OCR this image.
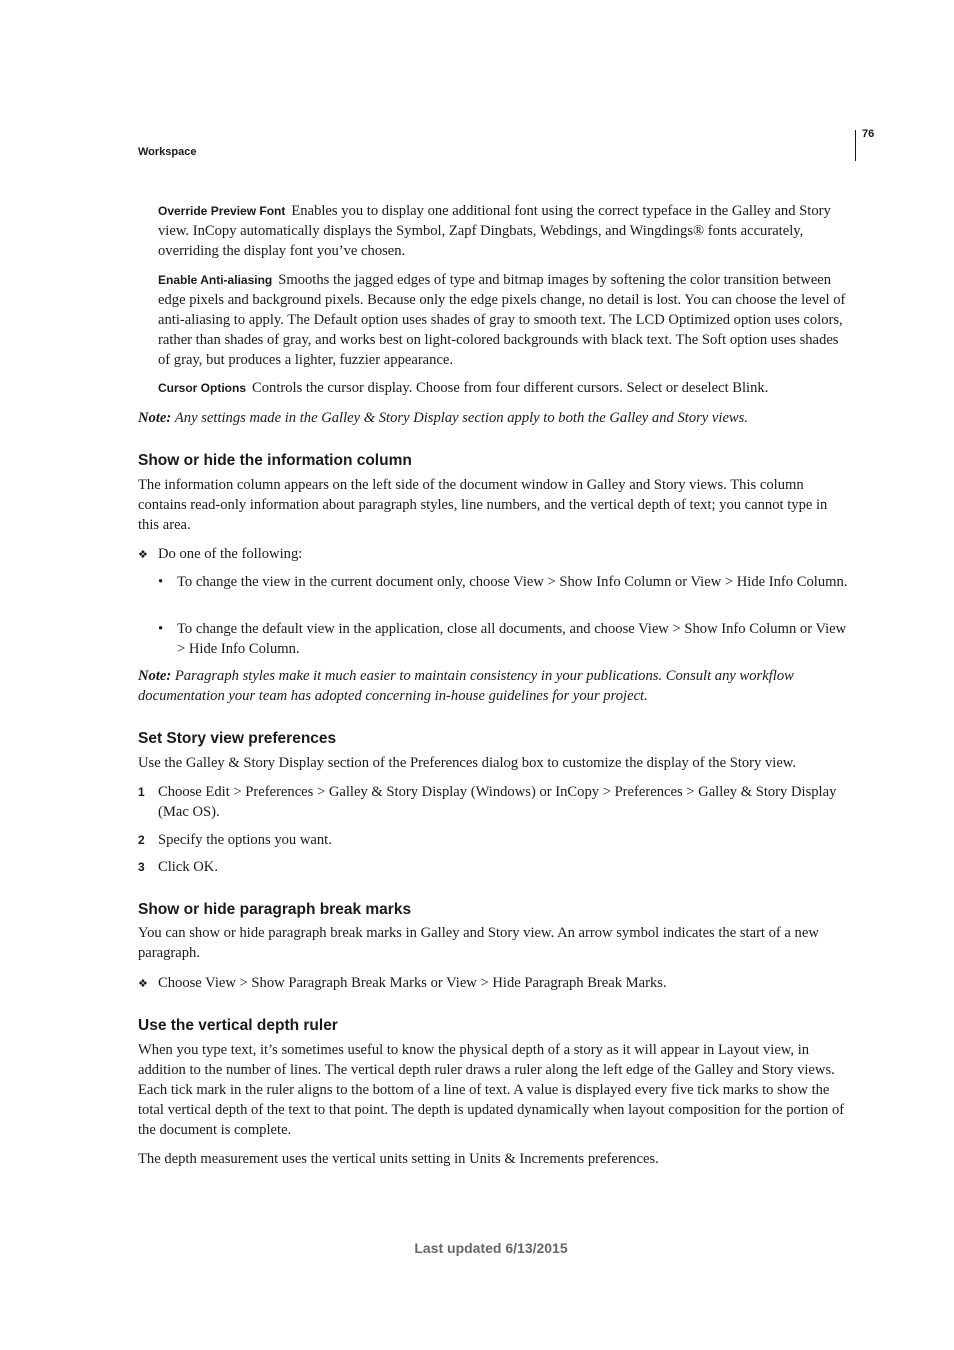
Workspace
76

Override Preview Font Enables you to display one additional font using the correct typeface in the Galley and Story view. InCopy automatically displays the Symbol, Zapf Dingbats, Webdings, and Wingdings® fonts accurately, overriding the display font you’ve chosen.

Enable Anti-aliasing Smooths the jagged edges of type and bitmap images by softening the color transition between edge pixels and background pixels. Because only the edge pixels change, no detail is lost. You can choose the level of anti-aliasing to apply. The Default option uses shades of gray to smooth text. The LCD Optimized option uses colors, rather than shades of gray, and works best on light-colored backgrounds with black text. The Soft option uses shades of gray, but produces a lighter, fuzzier appearance.

Cursor Options Controls the cursor display. Choose from four different cursors. Select or deselect Blink.

Note: Any settings made in the Galley & Story Display section apply to both the Galley and Story views.

Show or hide the information column
The information column appears on the left side of the document window in Galley and Story views. This column contains read-only information about paragraph styles, line numbers, and the vertical depth of text; you cannot type in this area.
❖ Do one of the following:
• To change the view in the current document only, choose View > Show Info Column or View > Hide Info Column.
• To change the default view in the application, close all documents, and choose View > Show Info Column or View > Hide Info Column.

Note: Paragraph styles make it much easier to maintain consistency in your publications. Consult any workflow documentation your team has adopted concerning in-house guidelines for your project.

Set Story view preferences
Use the Galley & Story Display section of the Preferences dialog box to customize the display of the Story view.
1 Choose Edit > Preferences > Galley & Story Display (Windows) or InCopy > Preferences > Galley & Story Display (Mac OS).
2 Specify the options you want.
3 Click OK.
Show or hide paragraph break marks
You can show or hide paragraph break marks in Galley and Story view. An arrow symbol indicates the start of a new paragraph.
❖ Choose View > Show Paragraph Break Marks or View > Hide Paragraph Break Marks.
Use the vertical depth ruler
When you type text, it’s sometimes useful to know the physical depth of a story as it will appear in Layout view, in addition to the number of lines. The vertical depth ruler draws a ruler along the left edge of the Galley and Story views. Each tick mark in the ruler aligns to the bottom of a line of text. A value is displayed every five tick marks to show the total vertical depth of the text to that point. The depth is updated dynamically when layout composition for the portion of the document is complete.
The depth measurement uses the vertical units setting in Units & Increments preferences.
Last updated 6/13/2015
